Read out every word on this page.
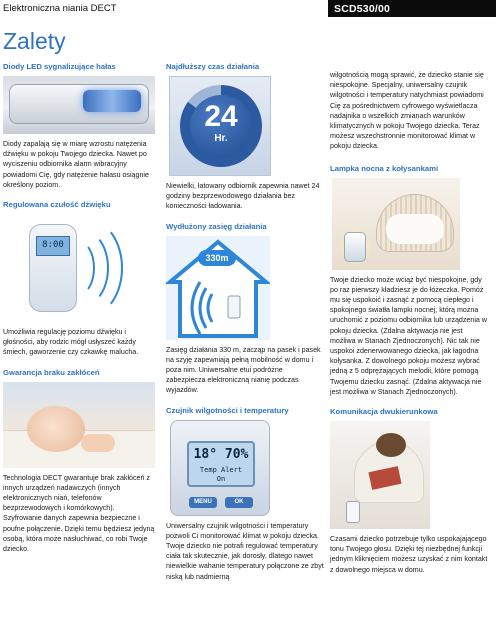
Elektroniczna niania DECT	SCD530/00
Zalety
Diody LED sygnalizujące hałas

Diody zapalają się w miarę wzrostu natężenia dźwięku w pokoju Twojego dziecka. Nawet po wyciszeniu odbiornika alarm wibracyjny powiadomi Cię, gdy natężenie hałasu osiągnie określony poziom.

Regulowana czułość dźwięku
8:00

Umożliwia regulację poziomu dźwięku i głośności, aby rodzic mógł usłyszeć każdy śmiech, gaworzenie czy czkawkę malucha.

Gwarancja braku zakłóceń

Technologia DECT gwarantuje brak zakłóceń z innych urządzeń nadawczych (innych elektronicznych niań, telefonów bezprzewodowych i komórkowych). Szyfrowanie danych zapewnia bezpieczne i poufne połączenie. Dzięki temu będziesz jedyną osobą, która może nasłuchiwać, co robi Twoje dziecko.

Najdłuższy czas działania
24
Hr.

Niewielki, łatowany odbiornik zapewnia nawet 24 godziny bezprzewodowego działania bez konieczności ładowania.

Wydłużony zasięg działania
330m

Zasięg działania 330 m, zacząp na pasek i pasek na szyję zapewniają pełną mobilność w domu i poza nim. Uniwersalne etui podróżne zabezpiecza elektroniczną nianię podczas wyjazdów.

Czujnik wilgotności i temperatury
18° 70%
Temp Alert
On
MENU	OK

Uniwersalny czujnik wilgotności i temperatury pozwoli Ci monitorować klimat w pokoju dziecka. Twoje dziecko nie potrafi regulować temperatury ciała tak skutecznie, jak dorosły, dlatego nawet niewielkie wahanie temperatury połączone ze zbyt niską lub nadmierną

wilgotnością mogą sprawić, że dziecko stanie się niespokojne. Specjalny, uniwersalny czujnik wilgotności i temperatury natychmiast powiadomi Cię za pośrednictwem cyfrowego wyświetlacza nadajnika o wszelkich zmianach warunków klimatycznych w pokoju Twojego dziecka. Teraz możesz wszechstronnie monitorować klimat w pokoju dziecka.

Lampka nocna z kołysankami

Twoje dziecko może wciąż być niespokojne, gdy po raz pierwszy kładziesz je do łóżeczka. Pomóż mu się uspokoić i zasnąć z pomocą ciepłego i spokojnego światła lampki nocnej, którą można uruchomić z poziomu odbiornika lub urządzenia w pokoju dziecka. (Zdalna aktywacja nie jest możliwa w Stanach Zjednoczonych). Nic tak nie uspokoi zdenerwowanego dziecka, jak łagodna kołysanka. Z dowolnego pokoju możesz wybrać jedną z 5 odprężających melodii, które pomogą Twojemu dziecku zasnąć. (Zdalna aktywacja nie jest możliwa w Stanach Zjednoczonych).

Komunikacja dwukierunkowa

Czasami dziecko potrzebuje tylko uspokajającego tonu Twojego głosu. Dzięki tej niezbędnej funkcji jednym kliknięciem możesz uzyskać z nim kontakt z dowolnego miejsca w domu.
